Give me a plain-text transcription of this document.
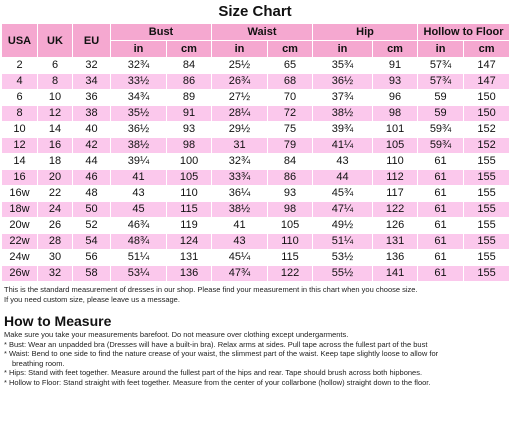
Size Chart
USA	UK	EU	Bust		Waist		Hip		Hollow to Floor	
			in	cm	in	cm	in	cm	in	cm
2	6	32	32¾	84	25½	65	35¾	91	57¾	147
4	8	34	33½	86	26¾	68	36½	93	57¾	147
6	10	36	34¾	89	27½	70	37¾	96	59	150
8	12	38	35½	91	28¼	72	38½	98	59	150
10	14	40	36½	93	29½	75	39¾	101	59¾	152
12	16	42	38½	98	31	79	41¼	105	59¾	152
14	18	44	39¼	100	32¾	84	43	110	61	155
16	20	46	41	105	33¾	86	44	112	61	155
16w	22	48	43	110	36¼	93	45¾	117	61	155
18w	24	50	45	115	38½	98	47¼	122	61	155
20w	26	52	46¾	119	41	105	49½	126	61	155
22w	28	54	48¾	124	43	110	51¼	131	61	155
24w	30	56	51¼	131	45¼	115	53½	136	61	155
26w	32	58	53¼	136	47¾	122	55½	141	61	155
This is the standard measurement of dresses in our shop. Please find your measurement in this chart when you choose size.
If you need custom size, please leave us a message.
How to Measure
Make sure you take your measurements barefoot. Do not measure over clothing except undergarments.
* Bust: Wear an unpadded bra (Dresses will have a built-in bra). Relax arms at sides. Pull tape across the fullest part of the bust
* Waist: Bend to one side to find the nature crease of your waist, the slimmest part of the waist. Keep tape slightly loose to allow for
breathing room.
* Hips: Stand with feet together. Measure around the fullest part of the hips and rear. Tape should brush across both hipbones.
* Hollow to Floor: Stand straight with feet together. Measure from the center of your collarbone (hollow) straight down to the floor.
